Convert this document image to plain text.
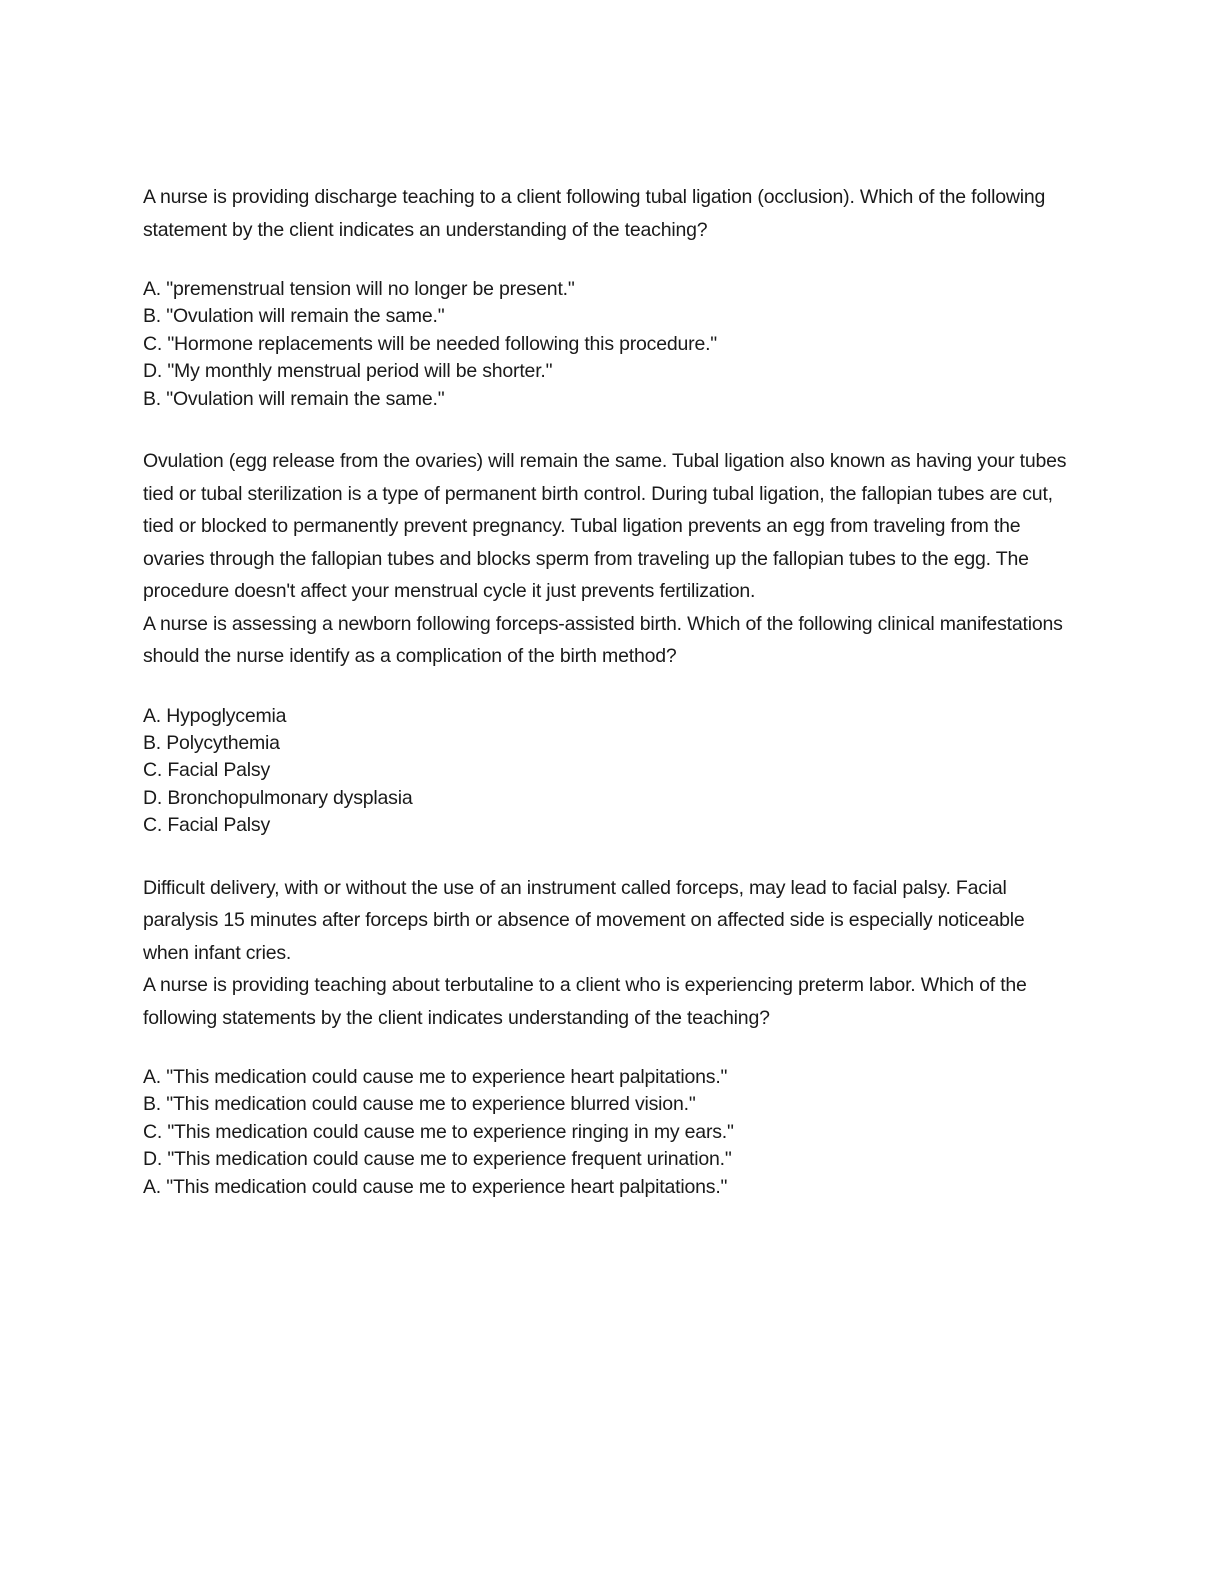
A nurse is providing discharge teaching to a client following tubal ligation (occlusion). Which of the following statement by the client indicates an understanding of the teaching?

A. "premenstrual tension will no longer be present."
B. "Ovulation will remain the same."
C. "Hormone replacements will be needed following this procedure."
D. "My monthly menstrual period will be shorter."
B. "Ovulation will remain the same."

Ovulation (egg release from the ovaries) will remain the same. Tubal ligation also known as having your tubes tied or tubal sterilization is a type of permanent birth control. During tubal ligation, the fallopian tubes are cut, tied or blocked to permanently prevent pregnancy. Tubal ligation prevents an egg from traveling from the ovaries through the fallopian tubes and blocks sperm from traveling up the fallopian tubes to the egg. The procedure doesn't affect your menstrual cycle it just prevents fertilization.

A nurse is assessing a newborn following forceps-assisted birth. Which of the following clinical manifestations should the nurse identify as a complication of the birth method?

A. Hypoglycemia
B. Polycythemia
C. Facial Palsy
D. Bronchopulmonary dysplasia
C. Facial Palsy

Difficult delivery, with or without the use of an instrument called forceps, may lead to facial palsy. Facial paralysis 15 minutes after forceps birth or absence of movement on affected side is especially noticeable when infant cries.

A nurse is providing teaching about terbutaline to a client who is experiencing preterm labor. Which of the following statements by the client indicates understanding of the teaching?

A. "This medication could cause me to experience heart palpitations."
B. "This medication could cause me to experience blurred vision."
C. "This medication could cause me to experience ringing in my ears."
D. "This medication could cause me to experience frequent urination."
A. "This medication could cause me to experience heart palpitations."
